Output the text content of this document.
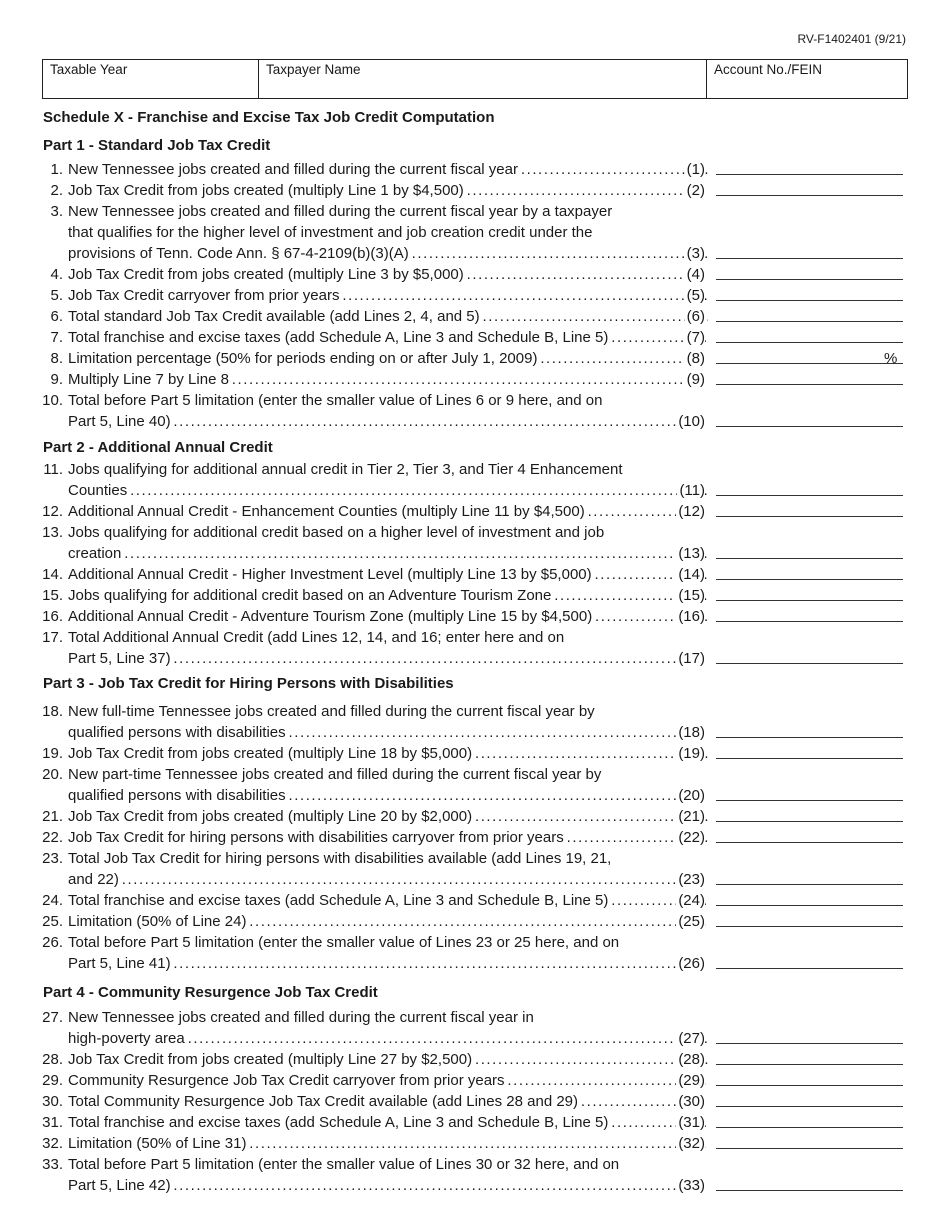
RV-F1402401 (9/21)
Taxable Year	Taxpayer Name	Account No./FEIN
Schedule X - Franchise and Excise Tax Job Credit Computation
Part 1 - Standard Job Tax Credit
Part 2 - Additional Annual Credit
Part 3 - Job Tax Credit for Hiring Persons with Disabilities
Part 4 - Community Resurgence Job Tax Credit
1. New Tennessee jobs created and filled during the current fiscal year . . .	(1)
2. Job Tax Credit from jobs created (multiply Line 1 by $4,500) . . .	(2)
3. New Tennessee jobs created and filled during the current fiscal year by a taxpayer
that qualifies for the higher level of investment and job creation credit under the
provisions of Tenn. Code Ann. § 67-4-2109(b)(3)(A) . . .	(3)
4. Job Tax Credit from jobs created (multiply Line 3 by $5,000) . . .	(4)
5. Job Tax Credit carryover from prior years . . .	(5)
6. Total standard Job Tax Credit available (add Lines 2, 4, and 5) . . .	(6)
7. Total franchise and excise taxes (add Schedule A, Line 3 and Schedule B, Line 5) . . .	(7)
8. Limitation percentage (50% for periods ending on or after July 1, 2009) . . .	(8)	%
9. Multiply Line 7 by Line 8 . . .	(9)
10. Total before Part 5 limitation (enter the smaller value of Lines 6 or 9 here, and on
Part 5, Line 40) . . .	(10)
11. Jobs qualifying for additional annual credit in Tier 2, Tier 3, and Tier 4 Enhancement
Counties . . .	(11)
12. Additional Annual Credit - Enhancement Counties (multiply Line 11 by $4,500) . . .	(12)
13. Jobs qualifying for additional credit based on a higher level of investment and job
creation . . .	(13)
14. Additional Annual Credit - Higher Investment Level (multiply Line 13 by $5,000) . . .	(14)
15. Jobs qualifying for additional credit based on an Adventure Tourism Zone . . .	(15)
16. Additional Annual Credit - Adventure Tourism Zone (multiply Line 15 by $4,500) . . .	(16)
17. Total Additional Annual Credit (add Lines 12, 14, and 16; enter here and on
Part 5, Line 37) . . .	(17)
18. New full-time Tennessee jobs created and filled during the current fiscal year by
qualified persons with disabilities . . .	(18)
19. Job Tax Credit from jobs created (multiply Line 18 by $5,000) . . .	(19)
20. New part-time Tennessee jobs created and filled during the current fiscal year by
qualified persons with disabilities . . .	(20)
21. Job Tax Credit from jobs created (multiply Line 20 by $2,000) . . .	(21)
22. Job Tax Credit for hiring persons with disabilities carryover from prior years . . .	(22)
23. Total Job Tax Credit for hiring persons with disabilities available (add Lines 19, 21,
and 22) . . .	(23)
24. Total franchise and excise taxes (add Schedule A, Line 3 and Schedule B, Line 5) . . .	(24)
25. Limitation (50% of Line 24) . . .	(25)
26. Total before Part 5 limitation (enter the smaller value of Lines 23 or 25 here, and on
Part 5, Line 41) . . .	(26)
27. New Tennessee jobs created and filled during the current fiscal year in
high-poverty area . . .	(27)
28. Job Tax Credit from jobs created (multiply Line 27 by $2,500) . . .	(28)
29. Community Resurgence Job Tax Credit carryover from prior years . . .	(29)
30. Total Community Resurgence Job Tax Credit available (add Lines 28 and 29) . . .	(30)
31. Total franchise and excise taxes (add Schedule A, Line 3 and Schedule B, Line 5) . . .	(31)
32. Limitation (50% of Line 31) . . .	(32)
33. Total before Part 5 limitation (enter the smaller value of Lines 30 or 32 here, and on
Part 5, Line 42) . . .	(33)
